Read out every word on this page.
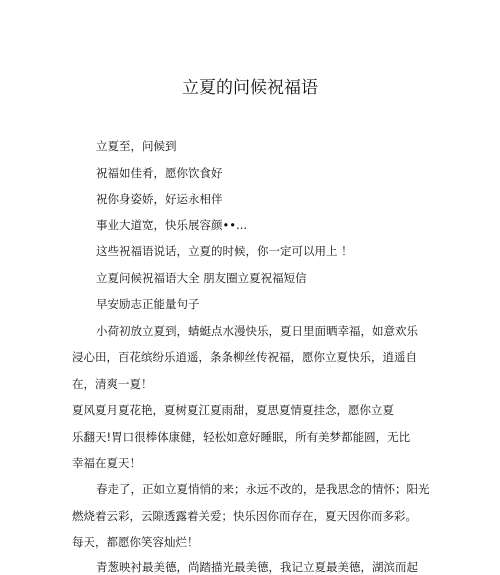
立夏的问候祝福语
立夏至，问候到
祝福如佳肴，愿你饮食好
祝你身姿娇，好运永相伴
事业大道宽，快乐展容颜••...
这些祝福语说话，立夏的时候，你一定可以用上 ！
立夏问候祝福语大全 朋友圈立夏祝福短信
早安励志正能量句子
小荷初放立夏到，蜻蜓点水漫快乐，夏日里面晒幸福，如意欢乐
浸心田，百花缤纷乐逍遥，条条柳丝传祝福，愿你立夏快乐，逍遥自
在，清爽一夏！
夏风夏月夏花艳，夏树夏江夏雨甜，夏思夏情夏挂念，愿你立夏
乐翻天!胃口很棒体康健，轻松如意好睡眠，所有美梦都能圆，无比
幸福在夏天！
春走了，正如立夏悄悄的来；永远不改的，是我思念的情怀；阳光
燃烧着云彩，云隙透露着关爱；快乐因你而存在，夏天因你而多彩。
每天，都愿你笑容灿烂！
青葱映衬最美德，尚踏描光最美德，我记立夏最美德，湖滨而起
